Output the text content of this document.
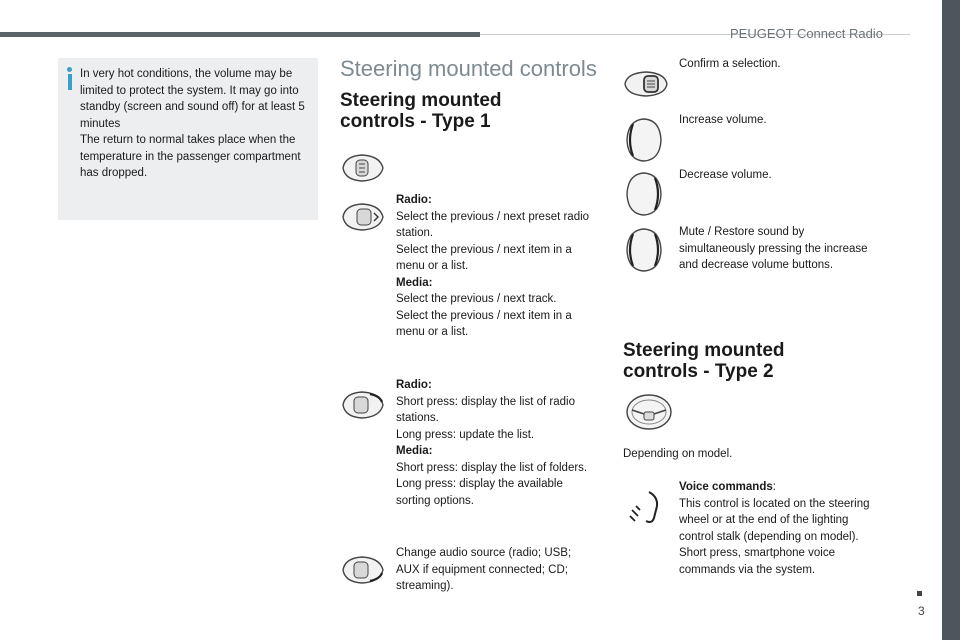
PEUGEOT Connect Radio
3
In very hot conditions, the volume may be limited to protect the system. It may go into standby (screen and sound off) for at least 5 minutes
The return to normal takes place when the temperature in the passenger compartment has dropped.
Steering mounted controls
Steering mounted
controls - Type 1
Radio:
Select the previous / next preset radio station.
Select the previous / next item in a menu or a list.
Media:
Select the previous / next track.
Select the previous / next item in a menu or a list.
Radio:
Short press: display the list of radio stations.
Long press: update the list.
Media:
Short press: display the list of folders.
Long press: display the available sorting options.
Change audio source (radio; USB; AUX if equipment connected; CD; streaming).
Confirm a selection.
Increase volume.
Decrease volume.
Mute / Restore sound by simultaneously pressing the increase and decrease volume buttons.
Steering mounted
controls - Type 2
Depending on model.
Voice commands:
This control is located on the steering wheel or at the end of the lighting control stalk (depending on model).
Short press, smartphone voice commands via the system.
